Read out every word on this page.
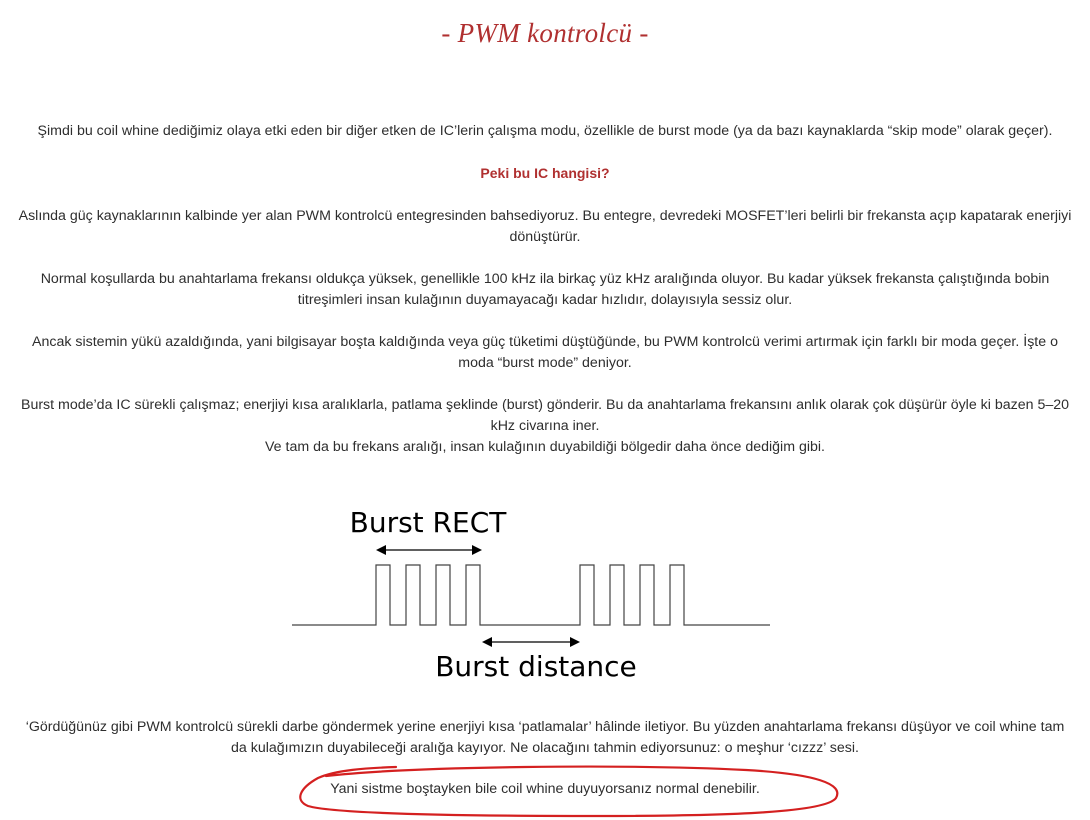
- PWM kontrolcü -

Şimdi bu coil whine dediğimiz olaya etki eden bir diğer etken de IC’lerin çalışma modu, özellikle de burst mode (ya da bazı kaynaklarda “skip mode” olarak geçer).

Peki bu IC hangisi?

Aslında güç kaynaklarının kalbinde yer alan PWM kontrolcü entegresinden bahsediyoruz. Bu entegre, devredeki MOSFET’leri belirli bir frekansta açıp kapatarak enerjiyi

dönüştürür.

Normal koşullarda bu anahtarlama frekansı oldukça yüksek, genellikle 100 kHz ila birkaç yüz kHz aralığında oluyor. Bu kadar yüksek frekansta çalıştığında bobin

titreşimleri insan kulağının duyamayacağı kadar hızlıdır, dolayısıyla sessiz olur.

Ancak sistemin yükü azaldığında, yani bilgisayar boşta kaldığında veya güç tüketimi düştüğünde, bu PWM kontrolcü verimi artırmak için farklı bir moda geçer. İşte o

moda “burst mode” deniyor.

Burst mode’da IC sürekli çalışmaz; enerjiyi kısa aralıklarla, patlama şeklinde (burst) gönderir. Bu da anahtarlama frekansını anlık olarak çok düşürür öyle ki bazen 5–20

kHz civarına iner.

Ve tam da bu frekans aralığı, insan kulağının duyabildiği bölgedir daha önce dediğim gibi.

Burst RECT
Burst distance

‘Gördüğünüz gibi PWM kontrolcü sürekli darbe göndermek yerine enerjiyi kısa ‘patlamalar’ hâlinde iletiyor. Bu yüzden anahtarlama frekansı düşüyor ve coil whine tam

da kulağımızın duyabileceği aralığa kayıyor. Ne olacağını tahmin ediyorsunuz: o meşhur ‘cızzz’ sesi.

Yani sistme boştayken bile coil whine duyuyorsanız normal denebilir.
